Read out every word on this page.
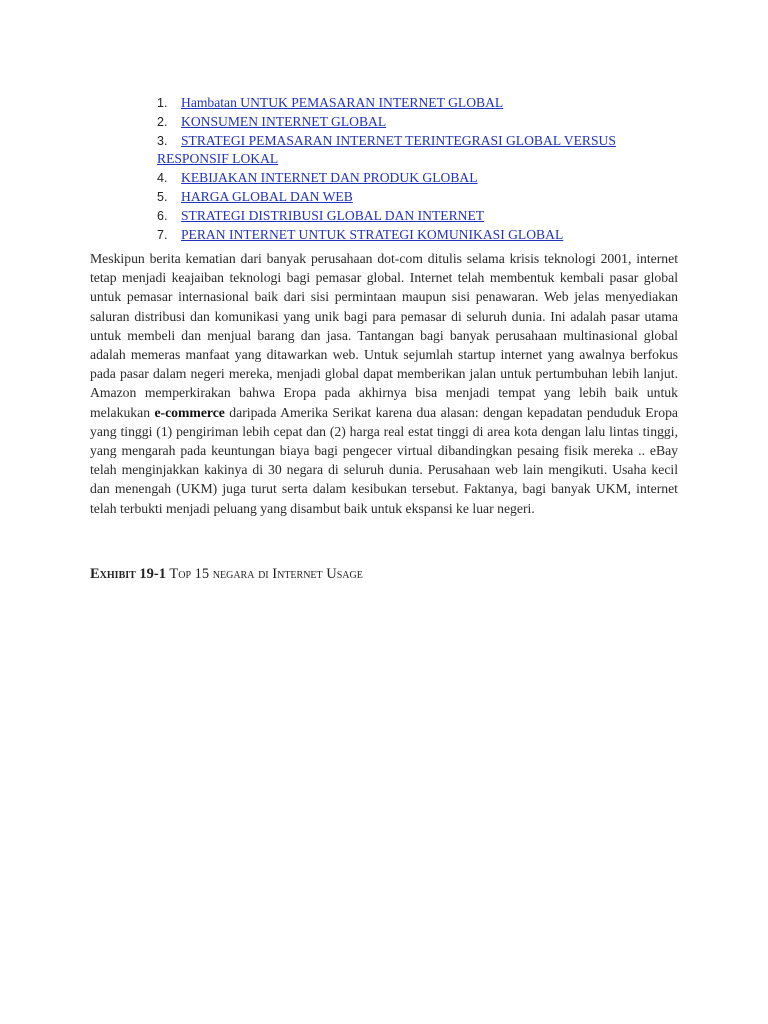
1. Hambatan UNTUK PEMASARAN INTERNET GLOBAL
2. KONSUMEN INTERNET GLOBAL
3. STRATEGI PEMASARAN INTERNET TERINTEGRASI GLOBAL VERSUS
RESPONSIF LOKAL
4. KEBIJAKAN INTERNET DAN PRODUK GLOBAL
5. HARGA GLOBAL DAN WEB
6. STRATEGI DISTRIBUSI GLOBAL DAN INTERNET
7. PERAN INTERNET UNTUK STRATEGI KOMUNIKASI GLOBAL

Meskipun berita kematian dari banyak perusahaan dot-com ditulis selama krisis teknologi 2001, internet tetap menjadi keajaiban teknologi bagi pemasar global. Internet telah membentuk kembali pasar global untuk pemasar internasional baik dari sisi permintaan maupun sisi penawaran. Web jelas menyediakan saluran distribusi dan komunikasi yang unik bagi para pemasar di seluruh dunia. Ini adalah pasar utama untuk membeli dan menjual barang dan jasa. Tantangan bagi banyak perusahaan multinasional global adalah memeras manfaat yang ditawarkan web. Untuk sejumlah startup internet yang awalnya berfokus pada pasar dalam negeri mereka, menjadi global dapat memberikan jalan untuk pertumbuhan lebih lanjut. Amazon memperkirakan bahwa Eropa pada akhirnya bisa menjadi tempat yang lebih baik untuk melakukan e-commerce daripada Amerika Serikat karena dua alasan: dengan kepadatan penduduk Eropa yang tinggi (1) pengiriman lebih cepat dan (2) harga real estat tinggi di area kota dengan lalu lintas tinggi, yang mengarah pada keuntungan biaya bagi pengecer virtual dibandingkan pesaing fisik mereka .. eBay telah menginjakkan kakinya di 30 negara di seluruh dunia. Perusahaan web lain mengikuti. Usaha kecil dan menengah (UKM) juga turut serta dalam kesibukan tersebut. Faktanya, bagi banyak UKM, internet telah terbukti menjadi peluang yang disambut baik untuk ekspansi ke luar negeri.

Exhibit 19-1 Top 15 negara di Internet Usage
